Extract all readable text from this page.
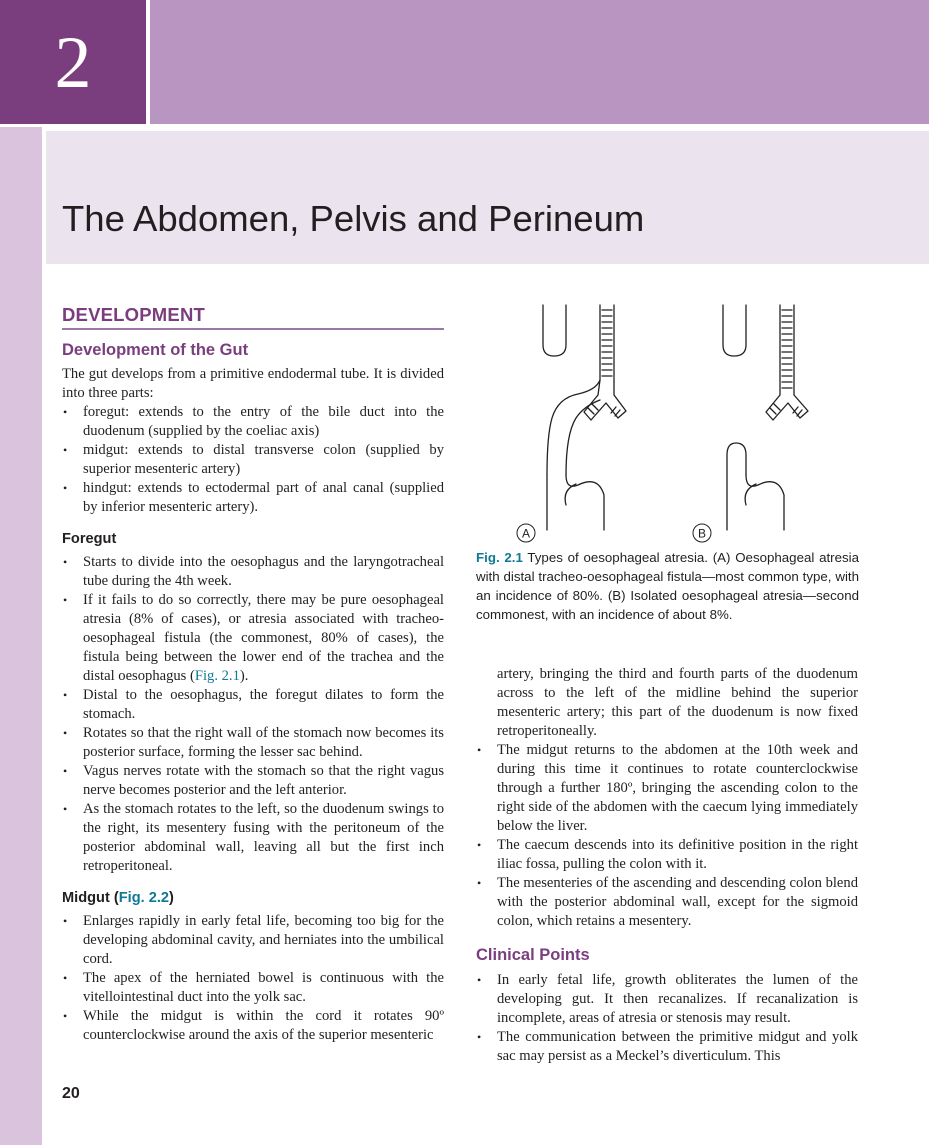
2
The Abdomen, Pelvis and Perineum
DEVELOPMENT
Development of the Gut

The gut develops from a primitive endodermal tube. It is divided into three parts:

• foregut: extends to the entry of the bile duct into the duodenum (supplied by the coeliac axis)
• midgut: extends to distal transverse colon (supplied by superior mesenteric artery)
• hindgut: extends to ectodermal part of anal canal (supplied by inferior mesenteric artery).
Foregut
• Starts to divide into the oesophagus and the laryngotracheal tube during the 4th week.
• If it fails to do so correctly, there may be pure oesophageal atresia (8% of cases), or atresia associated with tracheo-oesophageal fistula (the commonest, 80% of cases), the fistula being between the lower end of the trachea and the distal oesophagus (Fig. 2.1).
• Distal to the oesophagus, the foregut dilates to form the stomach.
• Rotates so that the right wall of the stomach now becomes its posterior surface, forming the lesser sac behind.
• Vagus nerves rotate with the stomach so that the right vagus nerve becomes posterior and the left anterior.
• As the stomach rotates to the left, so the duodenum swings to the right, its mesentery fusing with the peritoneum of the posterior abdominal wall, leaving all but the first inch retroperitoneal.
Midgut (Fig. 2.2)
• Enlarges rapidly in early fetal life, becoming too big for the developing abdominal cavity, and herniates into the umbilical cord.
• The apex of the herniated bowel is continuous with the vitellointestinal duct into the yolk sac.
• While the midgut is within the cord it rotates 90º counterclockwise around the axis of the superior mesenteric
A	B
Fig. 2.1 Types of oesophageal atresia. (A) Oesophageal atresia with distal tracheo-oesophageal fistula—most common type, with an incidence of 80%. (B) Isolated oesophageal atresia—second commonest, with an incidence of about 8%.
artery, bringing the third and fourth parts of the duodenum across to the left of the midline behind the superior mesenteric artery; this part of the duodenum is now fixed retroperitoneally.
• The midgut returns to the abdomen at the 10th week and during this time it continues to rotate counterclockwise through a further 180º, bringing the ascending colon to the right side of the abdomen with the caecum lying immediately below the liver.
• The caecum descends into its definitive position in the right iliac fossa, pulling the colon with it.
• The mesenteries of the ascending and descending colon blend with the posterior abdominal wall, except for the sigmoid colon, which retains a mesentery.
Clinical Points
• In early fetal life, growth obliterates the lumen of the developing gut. It then recanalizes. If recanalization is incomplete, areas of atresia or stenosis may result.
• The communication between the primitive midgut and yolk sac may persist as a Meckel’s diverticulum. This
20
